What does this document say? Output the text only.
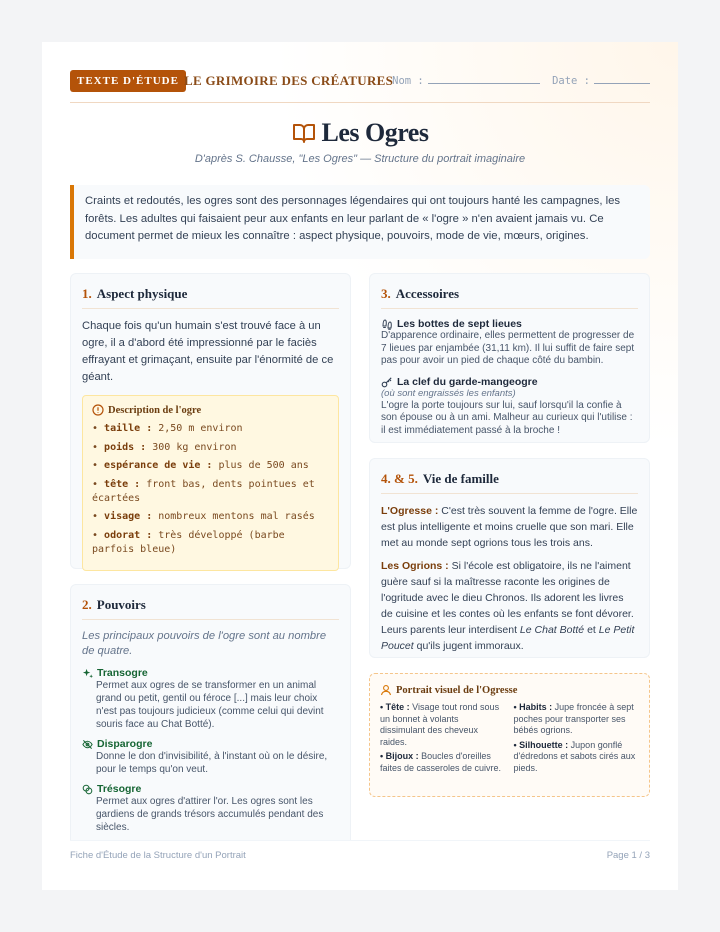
TEXTE D'ÉTUDE LE GRIMOIRE DES CRÉATURES
Nom :	Date :
Les Ogres
D'après S. Chausse, "Les Ogres" — Structure du portrait imaginaire
Craints et redoutés, les ogres sont des personnages légendaires qui ont toujours hanté les campagnes, les forêts. Les adultes qui faisaient peur aux enfants en leur parlant de « l'ogre » n'en avaient jamais vu. Ce document permet de mieux les connaître : aspect physique, pouvoirs, mode de vie, mœurs, origines.
1. Aspect physique
Chaque fois qu'un humain s'est trouvé face à un ogre, il a d'abord été impressionné par le faciès effrayant et grimaçant, ensuite par l'énormité de ce géant.
Description de l'ogre
• taille : 2,50 m environ
• poids : 300 kg environ
• espérance de vie : plus de 500 ans
• tête : front bas, dents pointues et écartées
• visage : nombreux mentons mal rasés
• odorat : très développé (barbe parfois bleue)
2. Pouvoirs
Les principaux pouvoirs de l'ogre sont au nombre de quatre.
Transogre
Permet aux ogres de se transformer en un animal grand ou petit, gentil ou féroce [...] mais leur choix n'est pas toujours judicieux (comme celui qui devint souris face au Chat Botté).
Disparogre
Donne le don d'invisibilité, à l'instant où on le désire, pour le temps qu'on veut.
Trésogre
Permet aux ogres d'attirer l'or. Les ogres sont les gardiens de grands trésors accumulés pendant des siècles.
3. Accessoires
Les bottes de sept lieues
D'apparence ordinaire, elles permettent de progresser de 7 lieues par enjambée (31,11 km). Il lui suffit de faire sept pas pour avoir un pied de chaque côté du bambin.
La clef du garde-mangeogre
(où sont engraissés les enfants)
L'ogre la porte toujours sur lui, sauf lorsqu'il la confie à son épouse ou à un ami. Malheur au curieux qui l'utilise : il est immédiatement passé à la broche !
4. & 5. Vie de famille
L'Ogresse : C'est très souvent la femme de l'ogre. Elle est plus intelligente et moins cruelle que son mari. Elle met au monde sept ogrions tous les trois ans.
Les Ogrions : Si l'école est obligatoire, ils ne l'aiment guère sauf si la maîtresse raconte les origines de l'ogritude avec le dieu Chronos. Ils adorent les livres de cuisine et les contes où les enfants se font dévorer. Leurs parents leur interdisent Le Chat Botté et Le Petit Poucet qu'ils jugent immoraux.
Portrait visuel de l'Ogresse
• Tête : Visage tout rond sous un bonnet à volants dissimulant des cheveux raides.
• Bijoux : Boucles d'oreilles faites de casseroles de cuivre.
• Habits : Jupe froncée à sept poches pour transporter ses bébés ogrions.
• Silhouette : Jupon gonflé d'édredons et sabots cirés aux pieds.
Fiche d'Étude de la Structure d'un Portrait	Page 1 / 3
